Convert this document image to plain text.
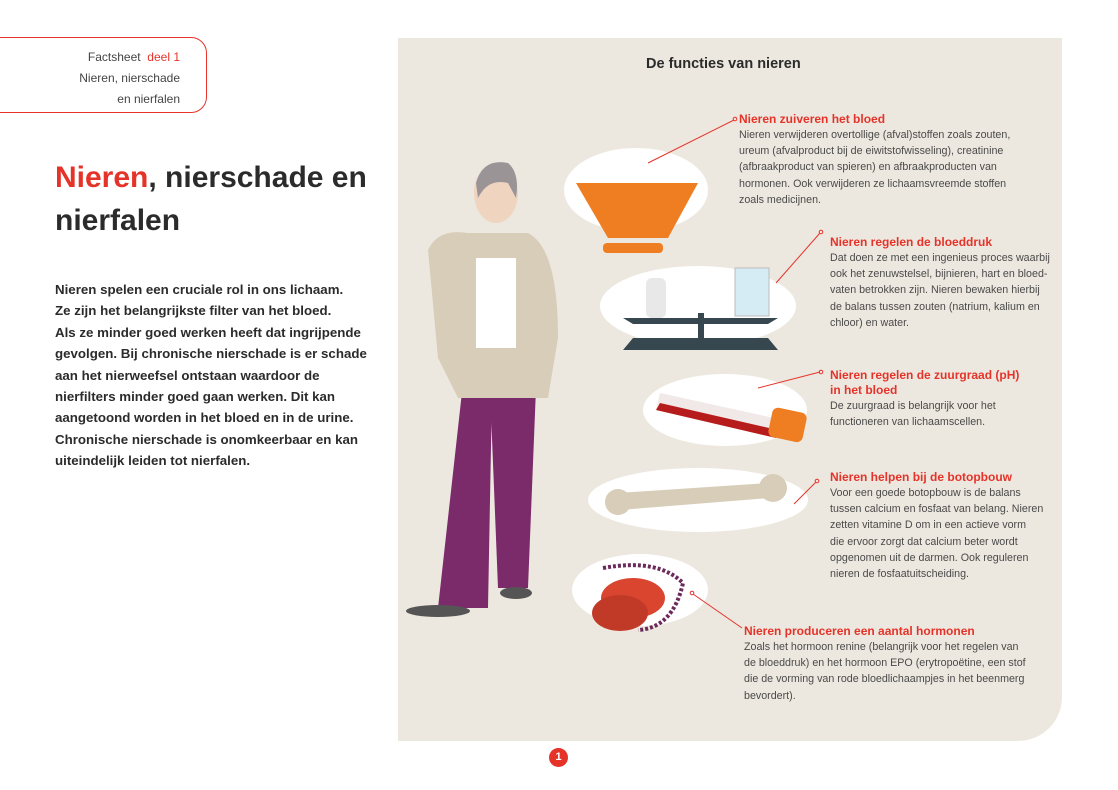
Factsheet deel 1
Nieren, nierschade
en nierfalen
Nieren, nierschade en
nierfalen
Nieren spelen een cruciale rol in ons lichaam.
Ze zijn het belangrijkste filter van het bloed.
Als ze minder goed werken heeft dat ingrijpende
gevolgen. Bij chronische nierschade is er schade
aan het nierweefsel ontstaan waardoor de
nierfilters minder goed gaan werken. Dit kan
aangetoond worden in het bloed en in de urine.
Chronische nierschade is onomkeerbaar en kan
uiteindelijk leiden tot nierfalen.
De functies van nieren
Nieren zuiveren het bloed
Nieren verwijderen overtollige (afval)stoffen zoals zouten,
ureum (afvalproduct bij de eiwitstofwisseling), creatinine
(afbraakproduct van spieren) en afbraakproducten van
hormonen. Ook verwijderen ze lichaamsvreemde stoffen
zoals medicijnen.
Nieren regelen de bloeddruk
Dat doen ze met een ingenieus proces waarbij
ook het zenuwstelsel, bijnieren, hart en bloed-
vaten betrokken zijn. Nieren bewaken hierbij
de balans tussen zouten (natrium, kalium en
chloor) en water.
Nieren regelen de zuurgraad (pH)
in het bloed
De zuurgraad is belangrijk voor het
functioneren van lichaamscellen.
Nieren helpen bij de botopbouw
Voor een goede botopbouw is de balans
tussen calcium en fosfaat van belang. Nieren
zetten vitamine D om in een actieve vorm
die ervoor zorgt dat calcium beter wordt
opgenomen uit de darmen. Ook reguleren
nieren de fosfaatuitscheiding.
Nieren produceren een aantal hormonen
Zoals het hormoon renine (belangrijk voor het regelen van
de bloeddruk) en het hormoon EPO (erytropoëtine, een stof
die de vorming van rode bloedlichaampjes in het beenmerg
bevordert).
1
